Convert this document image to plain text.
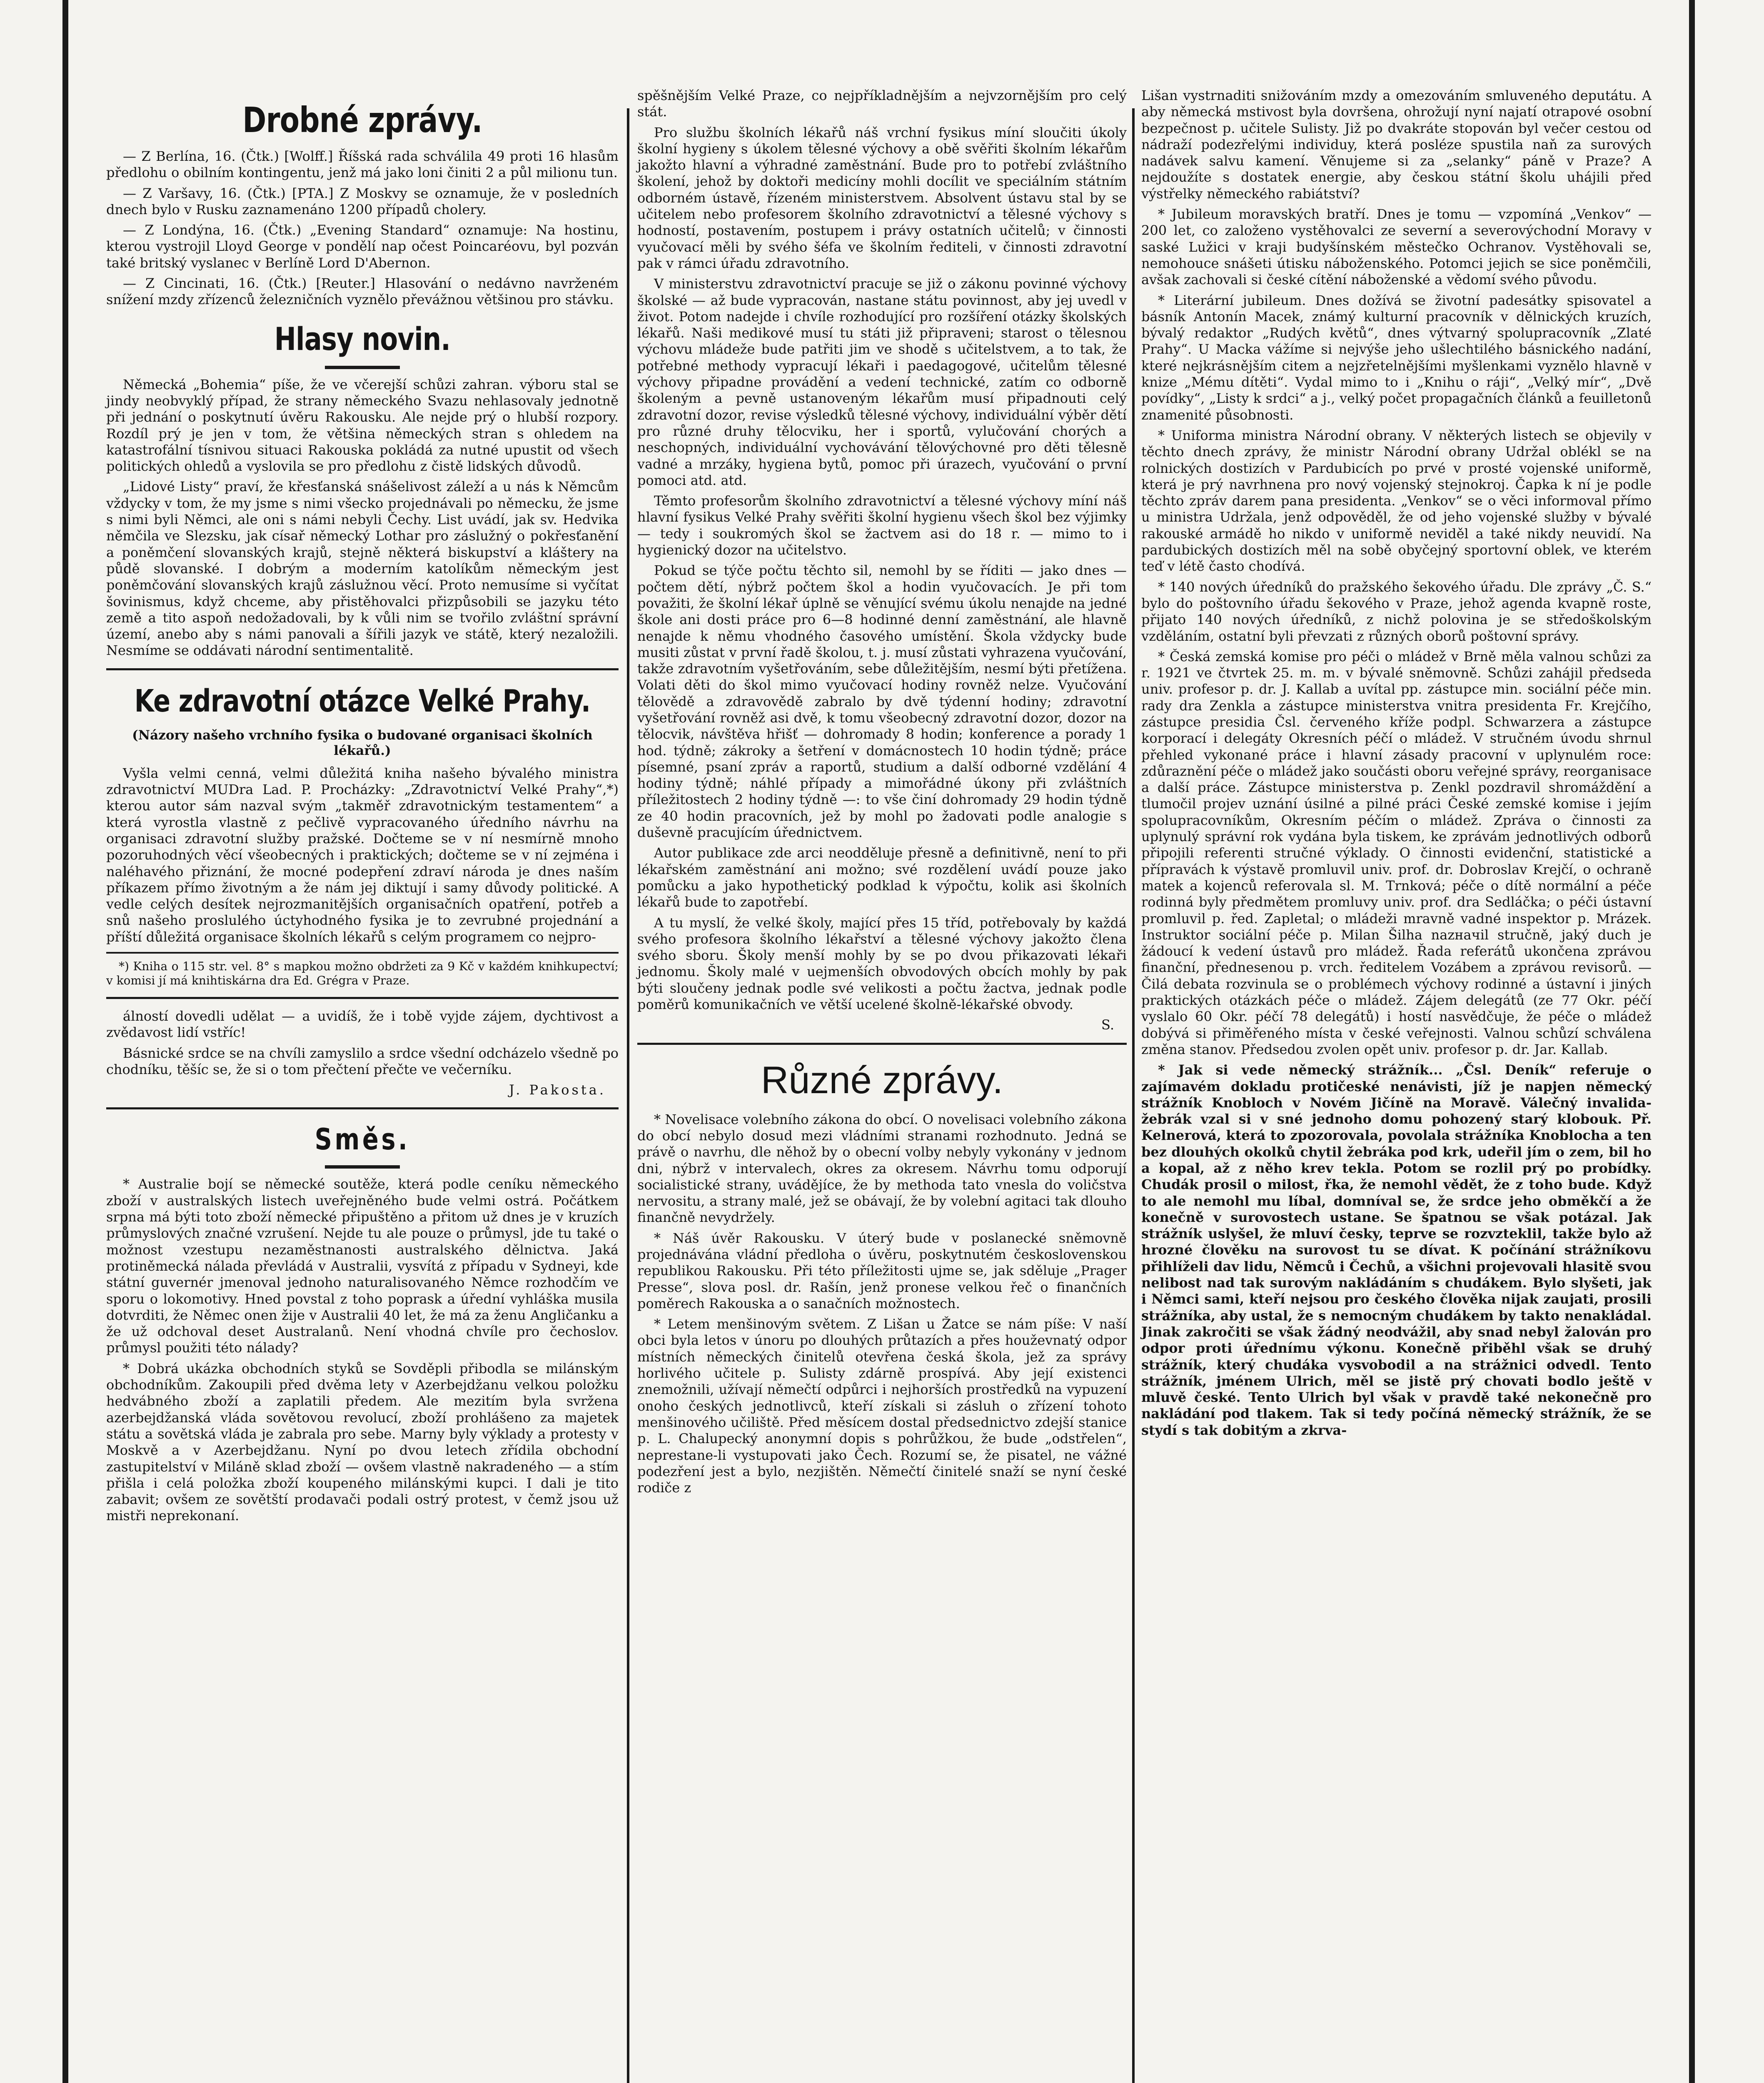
Drobné zprávy.

— Z Berlína, 16. (Čtk.) [Wolff.] Říšská rada schválila 49 proti 16 hlasům předlohu o obilním kontingentu, jenž má jako loni činiti 2 a půl milionu tun.

— Z Varšavy, 16. (Čtk.) [PTA.] Z Moskvy se oznamuje, že v posledních dnech bylo v Rusku zaznamenáno 1200 případů cholery.

— Z Londýna, 16. (Čtk.) „Evening Standard“ oznamuje: Na hostinu, kterou vystrojil Lloyd George v pondělí nap očest Poincaréovu, byl pozván také britský vyslanec v Berlíně Lord D'Abernon.

— Z Cincinati, 16. (Čtk.) [Reuter.] Hlasování o nedávno navrženém snížení mzdy zřízenců železničních vyznělo převážnou většinou pro stávku.

Hlasy novin.

Německá „Bohemia“ píše, že ve včerejší schůzi zahran. výboru stal se jindy neobvyklý případ, že strany německého Svazu nehlasovaly jednotně při jednání o poskytnutí úvěru Rakousku. Ale nejde prý o hlubší rozpory. Rozdíl prý je jen v tom, že většina německých stran s ohledem na katastrofální tísnivou situaci Rakouska pokládá za nutné upustit od všech politických ohledů a vyslovila se pro předlohu z čistě lidských důvodů.

„Lidové Listy“ praví, že křesťanská snášelivost záleží a u nás k Němcům vždycky v tom, že my jsme s nimi všecko projednávali po německu, že jsme s nimi byli Němci, ale oni s námi nebyli Čechy. List uvádí, jak sv. Hedvika němčila ve Slezsku, jak císař německý Lothar pro záslužný o pokřesťanění a poněmčení slovanských krajů, stejně některá biskupství a kláštery na půdě slovanské. I dobrým a moderním katolíkům německým jest poněmčování slovanských krajů záslužnou věcí. Proto nemusíme si vyčítat šovinismus, když chceme, aby přistěhovalci přizpůsobili se jazyku této země a tito aspoň nedožadovali, by k vůli nim se tvořilo zvláštní správní území, anebo aby s námi panovali a šířili jazyk ve státě, který nezaložili. Nesmíme se oddávati národní sentimentalitě.

Ke zdravotní otázce Velké Prahy.

(Názory našeho vrchního fysika o budované organisaci školních lékařů.)

Vyšla velmi cenná, velmi důležitá kniha našeho bývalého ministra zdravotnictví MUDra Lad. P. Procházky: „Zdravotnictví Velké Prahy“,*) kterou autor sám nazval svým „takměř zdravotnickým testamentem“ a která vyrostla vlastně z pečlivě vypracovaného úředního návrhu na organisaci zdravotní služby pražské. Dočteme se v ní nesmírně mnoho pozoruhodných věcí všeobecných i praktických; dočteme se v ní zejména i naléhavého přiznání, že mocné podepření zdraví národa je dnes naším příkazem přímo životným a že nám jej diktují i samy důvody politické. A vedle celých desítek nejrozmanitějších organisačních opatření, potřeb a snů našeho proslulého úctyhodného fysika je to zevrubné projednání a příští důležitá organisace školních lékařů s celým programem co nejpro-

*) Kniha o 115 str. vel. 8° s mapkou možno obdržeti za 9 Kč v každém knihkupectví; v komisi jí má knihtiskárna dra Ed. Grégra v Praze.

álností dovedli udělat — a uvidíš, že i tobě vyjde zájem, dychtivost a zvědavost lidí vstříc!

Básnické srdce se na chvíli zamyslilo a srdce všední odcházelo všedně po chodníku, těšíc se, že si o tom přečtení přečte ve večerníku.

J. Pakosta.

Směs.

* Australie bojí se německé soutěže, která podle ceníku německého zboží v australských listech uveřejněného bude velmi ostrá. Počátkem srpna má býti toto zboží německé připuštěno a přitom už dnes je v kruzích průmyslových značné vzrušení. Nejde tu ale pouze o průmysl, jde tu také o možnost vzestupu nezaměstnanosti australského dělnictva. Jaká protiněmecká nálada převládá v Australii, vysvítá z případu v Sydneyi, kde státní guvernér jmenoval jednoho naturalisovaného Němce rozhodčím ve sporu o lokomotivy. Hned povstal z toho poprask a úřední vyhláška musila dotvrditi, že Němec onen žije v Australii 40 let, že má za ženu Angličanku a že už odchoval deset Australanů. Není vhodná chvíle pro čechoslov. průmysl použiti této nálady?

* Dobrá ukázka obchodních styků se Sovděpli přibodla se milánským obchodníkům. Zakoupili před dvěma lety v Azerbejdžanu velkou položku hedvábného zboží a zaplatili předem. Ale mezitím byla svržena azerbejdžanská vláda sovětovou revolucí, zboží prohlášeno za majetek státu a sovětská vláda je zabrala pro sebe. Marny byly výklady a protesty v Moskvě a v Azerbejdžanu. Nyní po dvou letech zřídila obchodní zastupitelství v Miláně sklad zboží — ovšem vlastně nakradeného — a stím přišla i celá položka zboží koupeného milánskými kupci. I dali je tito zabavit; ovšem ze sovětští prodavači podali ostrý protest, v čemž jsou už mistři neprekonaní.

spěšnějším Velké Praze, co nejpříkladnějším a nejvzornějším pro celý stát.

Pro službu školních lékařů náš vrchní fysikus míní sloučiti úkoly školní hygieny s úkolem tělesné výchovy a obě svěřiti školním lékařům jakožto hlavní a výhradné zaměstnání. Bude pro to potřebí zvláštního školení, jehož by doktoři medicíny mohli docílit ve speciálním státním odborném ústavě, řízeném ministerstvem. Absolvent ústavu stal by se učitelem nebo profesorem školního zdravotnictví a tělesné výchovy s hodností, postavením, postupem i právy ostatních učitelů; v činnosti vyučovací měli by svého šéfa ve školním řediteli, v činnosti zdravotní pak v rámci úřadu zdravotního.

V ministerstvu zdravotnictví pracuje se již o zákonu povinné výchovy školské — až bude vypracován, nastane státu povinnost, aby jej uvedl v život. Potom nadejde i chvíle rozhodující pro rozšíření otázky školských lékařů. Naši medikové musí tu státi již připraveni; starost o tělesnou výchovu mládeže bude patřiti jim ve shodě s učitelstvem, a to tak, že potřebné methody vypracují lékaři i paedagogové, učitelům tělesné výchovy připadne provádění a vedení technické, zatím co odborně školeným a pevně ustanoveným lékařům musí připadnouti celý zdravotní dozor, revise výsledků tělesné výchovy, individuální výběr dětí pro různé druhy tělocviku, her i sportů, vylučování chorých a neschopných, individuální vychovávání tělovýchovné pro děti tělesně vadné a mrzáky, hygiena bytů, pomoc při úrazech, vyučování o první pomoci atd. atd.

Těmto profesorům školního zdravotnictví a tělesné výchovy míní náš hlavní fysikus Velké Prahy svěřiti školní hygienu všech škol bez výjimky — tedy i soukromých škol se žactvem asi do 18 r. — mimo to i hygienický dozor na učitelstvo.

Pokud se týče počtu těchto sil, nemohl by se říditi — jako dnes — počtem dětí, nýbrž počtem škol a hodin vyučovacích. Je při tom považiti, že školní lékař úplně se věnující svému úkolu nenajde na jedné škole ani dosti práce pro 6—8 hodinné denní zaměstnání, ale hlavně nenajde k němu vhodného časového umístění. Škola vždycky bude musiti zůstat v první řadě školou, t. j. musí zůstati vyhrazena vyučování, takže zdravotním vyšetřováním, sebe důležitějším, nesmí býti přetížena. Volati děti do škol mimo vyučovací hodiny rovněž nelze. Vyučování tělovědě a zdravovědě zabralo by dvě týdenní hodiny; zdravotní vyšetřování rovněž asi dvě, k tomu všeobecný zdravotní dozor, dozor na tělocvik, návštěva hřišť — dohromady 8 hodin; konference a porady 1 hod. týdně; zákroky a šetření v domácnostech 10 hodin týdně; práce písemné, psaní zpráv a raportů, studium a další odborné vzdělání 4 hodiny týdně; náhlé případy a mimořádné úkony při zvláštních příležitostech 2 hodiny týdně —: to vše činí dohromady 29 hodin týdně ze 40 hodin pracovních, jež by mohl po žadovati podle analogie s duševně pracujícím úřednictvem.

Autor publikace zde arci neodděluje přesně a definitivně, není to při lékařském zaměstnání ani možno; své rozdělení uvádí pouze jako pomůcku a jako hypothetický podklad k výpočtu, kolik asi školních lékařů bude to zapotřebí.

A tu myslí, že velké školy, mající přes 15 tříd, potřebovaly by každá svého profesora školního lékařství a tělesné výchovy jakožto člena svého sboru. Školy menší mohly by se po dvou přikazovati lékaři jednomu. Školy malé v uejmenších obvodových obcích mohly by pak býti sloučeny jednak podle své velikosti a počtu žactva, jednak podle poměrů komunikačních ve větší ucelené školně-lékařské obvody.

S.

Různé zprávy.

* Novelisace volebního zákona do obcí. O novelisaci volebního zákona do obcí nebylo dosud mezi vládními stranami rozhodnuto. Jedná se právě o navrhu, dle něhož by o obecní volby nebyly vykonány v jednom dni, nýbrž v intervalech, okres za okresem. Návrhu tomu odporují socialistické strany, uvádějíce, že by methoda tato vnesla do voličstva nervositu, a strany malé, jež se obávají, že by volební agitaci tak dlouho finančně nevydržely.

* Náš úvěr Rakousku. V úterý bude v poslanecké sněmovně projednávána vládní předloha o úvěru, poskytnutém československou republikou Rakousku. Při této příležitosti ujme se, jak sděluje „Prager Presse“, slova posl. dr. Rašín, jenž pronese velkou řeč o finančních poměrech Rakouska a o sanačních možnostech.

* Letem menšinovým světem. Z Lišan u Žatce se nám píše: V naší obci byla letos v únoru po dlouhých průtazích a přes houževnatý odpor místních německých činitelů otevřena česká škola, jež za správy horlivého učitele p. Sulisty zdárně prospívá. Aby její existenci znemožnili, užívají němečtí odpůrci i nejhorších prostředků na vypuzení onoho českých jednotlivců, kteří získali si zásluh o zřízení tohoto menšinového učiliště. Před měsícem dostal předsednictvo zdejší stanice p. L. Chalupecký anonymní dopis s pohrůžkou, že bude „odstřelen“, neprestane-li vystupovati jako Čech. Rozumí se, že pisatel, ne vážné podezření jest a bylo, nezjištěn. Němečtí činitelé snaží se nyní české rodiče z

Lišan vystrnaditi snižováním mzdy a omezováním smluveného deputátu. A aby německá mstivost byla dovršena, ohrožují nyní najatí otrapové osobní bezpečnost p. učitele Sulisty. Již po dvakráte stopován byl večer cestou od nádraží podezřelými individuy, která posléze spustila naň za surových nadávek salvu kamení. Věnujeme si za „selanky“ páně v Praze? A nejdoužíte s dostatek energie, aby českou státní školu uhájili před výstřelky německého rabiátství?

* Jubileum moravských bratří. Dnes je tomu — vzpomíná „Venkov“ — 200 let, co založeno vystěhovalci ze severní a severovýchodní Moravy v saské Lužici v kraji budyšínském městečko Ochranov. Vystěhovali se, nemohouce snášeti útisku náboženského. Potomci jejich se sice poněmčili, avšak zachovali si české cítění náboženské a vědomí svého původu.

* Literární jubileum. Dnes dožívá se životní padesátky spisovatel a básník Antonín Macek, známý kulturní pracovník v dělnických kruzích, bývalý redaktor „Rudých květů“, dnes výtvarný spolupracovník „Zlaté Prahy“. U Macka vážíme si nejvýše jeho ušlechtilého básnického nadání, které nejkrásnějším citem a nejzřetelnějšími myšlenkami vyznělo hlavně v knize „Mému dítěti“. Vydal mimo to i „Knihu o ráji“, „Velký mír“, „Dvě povídky“, „Listy k srdci“ a j., velký počet propagačních článků a feuilletonů znamenité působnosti.

* Uniforma ministra Národní obrany. V některých listech se objevily v těchto dnech zprávy, že ministr Národní obrany Udržal oblékl se na rolnických dostizích v Pardubicích po prvé v prosté vojenské uniformě, která je prý navrhnena pro nový vojenský stejnokroj. Čapka k ní je podle těchto zpráv darem pana presidenta. „Venkov“ se o věci informoval přímo u ministra Udržala, jenž odpověděl, že od jeho vojenské služby v bývalé rakouské armádě ho nikdo v uniformě neviděl a také nikdy neuvidí. Na pardubických dostizích měl na sobě obyčejný sportovní oblek, ve kterém teď v létě často chodívá.

* 140 nových úředníků do pražského šekového úřadu. Dle zprávy „Č. S.“ bylo do poštovního úřadu šekového v Praze, jehož agenda kvapně roste, přijato 140 nových úředníků, z nichž polovina je se středoškolským vzděláním, ostatní byli převzati z různých oborů poštovní správy.

* Česká zemská komise pro péči o mládež v Brně měla valnou schůzi za r. 1921 ve čtvrtek 25. m. m. v bývalé sněmovně. Schůzi zahájil předseda univ. profesor p. dr. J. Kallab a uvítal pp. zástupce min. sociální péče min. rady dra Zenkla a zástupce ministerstva vnitra presidenta Fr. Krejčího, zástupce presidia Čsl. červeného kříže podpl. Schwarzera a zástupce korporací i delegáty Okresních péčí o mládež. V stručném úvodu shrnul přehled vykonané práce i hlavní zásady pracovní v uplynulém roce: zdůraznění péče o mládež jako součásti oboru veřejné správy, reorganisace a další práce. Zástupce ministerstva p. Zenkl pozdravil shromáždění a tlumočil projev uznání úsilné a pilné práci České zemské komise i jejím spolupracovníkům, Okresním péčím o mládež. Zpráva o činnosti za uplynulý správní rok vydána byla tiskem, ke zprávám jednotlivých odborů připojili referenti stručné výklady. O činnosti evidenční, statistické a přípravách k výstavě promluvil univ. prof. dr. Dobroslav Krejčí, o ochraně matek a kojenců referovala sl. M. Trnková; péče o dítě normální a péče rodinná byly předmětem promluvy univ. prof. dra Sedláčka; o péči ústavní promluvil p. řed. Zapletal; o mládeži mravně vadné inspektor p. Mrázek. Instruktor sociální péče p. Milan Šilha nazначil stručně, jaký duch je žádoucí k vedení ústavů pro mládež. Řada referátů ukončena zprávou finanční, přednesenou p. vrch. ředitelem Vozábem a zprávou revisorů. — Čilá debata rozvinula se o problémech výchovy rodinné a ústavní i jiných praktických otázkách péče o mládež. Zájem delegátů (ze 77 Okr. péčí vyslalo 60 Okr. péčí 78 delegátů) i hostí nasvědčuje, že péče o mládež dobývá si přiměřeného místa v české veřejnosti. Valnou schůzí schválena změna stanov. Předsedou zvolen opět univ. profesor p. dr. Jar. Kallab.

* Jak si vede německý strážník... „Čsl. Deník“ referuje o zajímavém dokladu protičeské nenávisti, jíž je napjen německý strážník Knobloch v Novém Jičíně na Moravě. Válečný invalida-žebrák vzal si v sné jednoho domu pohozený starý klobouk. Př. Kelnerová, která to zpozorovala, povolala strážníka Knoblocha a ten bez dlouhých okolků chytil žebráka pod krk, udeřil jím o zem, bil ho a kopal, až z něho krev tekla. Potom se rozlil prý po probídky. Chudák prosil o milost, řka, že nemohl vědět, že z toho bude. Když to ale nemohl mu líbal, domníval se, že srdce jeho obměkčí a že konečně v surovostech ustane. Se špatnou se však potázal. Jak strážník uslyšel, že mluví česky, teprve se rozvzteklil, takže bylo až hrozné člověku na surovost tu se dívat. K počínání strážníkovu přihlíželi dav lidu, Němců i Čechů, a všichni projevovali hlasitě svou nelibost nad tak surovým nakládáním s chudákem. Bylo slyšeti, jak i Němci sami, kteří nejsou pro českého člověka nijak zaujati, prosili strážníka, aby ustal, že s nemocným chudákem by takto nenakládal. Jinak zakročiti se však žádný neodvážil, aby snad nebyl žalován pro odpor proti úřednímu výkonu. Konečně přiběhl však se druhý strážník, který chudáka vysvobodil a na strážnici odvedl. Tento strážník, jménem Ulrich, měl se jistě prý chovati bodlo ještě v mluvě české. Tento Ulrich byl však v pravdě také nekonečně pro nakládání pod tlakem. Tak si tedy počíná německý strážník, že se stydí s tak dobitým a zkrva-
